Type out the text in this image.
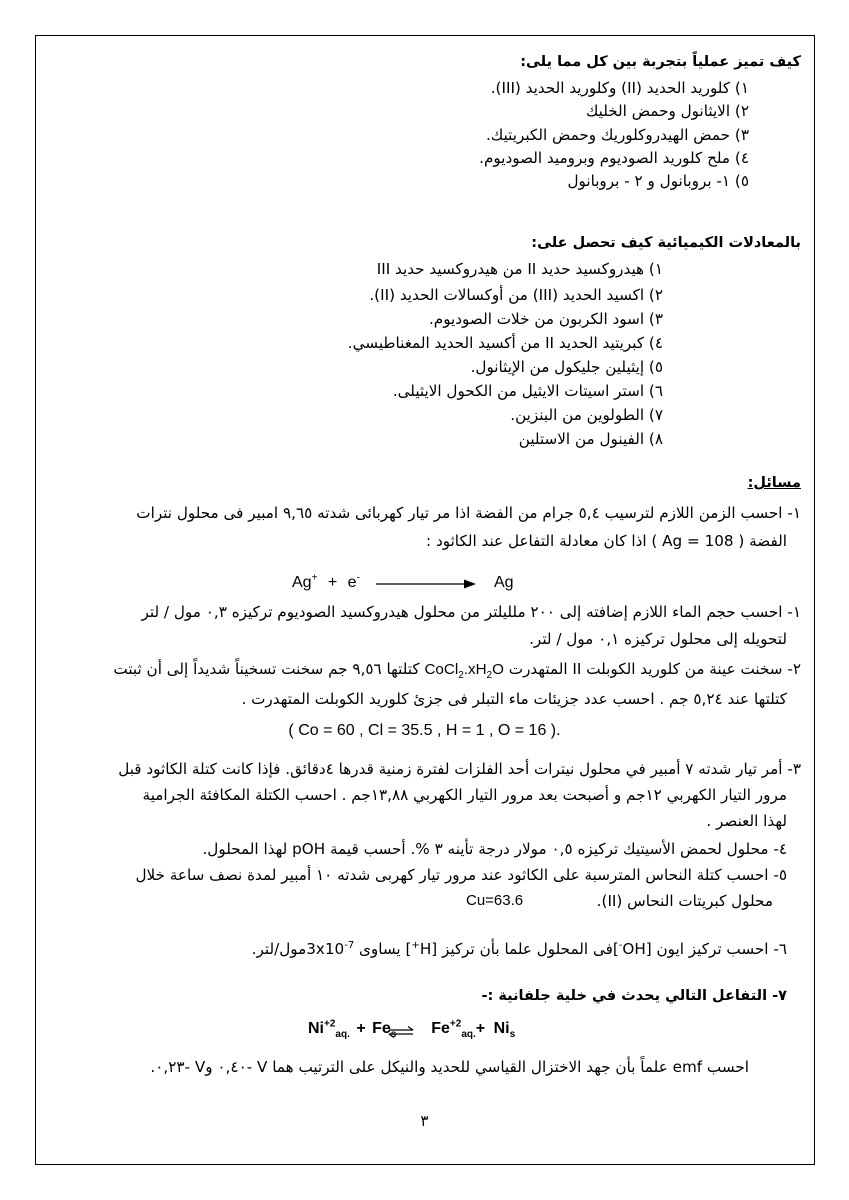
كيف تميز عملياً بتجربة بين كل مما يلى:
١) كلوريد الحديد (II) وكلوريد الحديد (III).
٢) الايثانول وحمض الخليك
٣) حمض الهيدروكلوريك وحمض الكبريتيك.
٤) ملح كلوريد الصوديوم وبروميد الصوديوم.
٥) ١- بروبانول و ٢ - بروبانول
بالمعادلات الكيميائية كيف تحصل على:
١) هيدروكسيد حديد II من هيدروكسيد حديد III
٢) اكسيد الحديد (III) من أوكسالات الحديد (II).
٣) اسود الكربون من خلات الصوديوم.
٤) كبريتيد الحديد II من أكسيد الحديد المغناطيسي.
٥) إيثيلين جليكول من الإيثانول.
٦) استر اسيتات الايثيل من الكحول الايثيلى.
٧) الطولوين من البنزين.
٨) الفينول من الاستلين
مسائل:
١- احسب الزمن اللازم لترسيب ٥,٤ جرام من الفضة اذا مر تيار كهربائى شدته ٩,٦٥ امبير فى محلول نترات
الفضة ( Ag = 108 ) اذا كان معادلة التفاعل عند الكاثود :
Ag+ + e-	Ag
١- احسب حجم الماء اللازم إضافته إلى ٢٠٠ ملليلتر من محلول هيدروكسيد الصوديوم تركيزه ٠,٣ مول / لتر
لتحويله إلى محلول تركيزه ٠,١ مول / لتر.
٢- سخنت عينة من كلوريد الكوبلت II المتهدرت $CoCl_2.xH_2O$ كتلتها ٩,٥٦ جم سخنت تسخيناً شديداً إلى أن ثبتت
كتلتها عند ٥,٢٤ جم . احسب عدد جزيئات ماء التبلر فى جزئ كلوريد الكوبلت المتهدرت .
( Co = 60 , Cl = 35.5 , H = 1 , O = 16 ).
٣- أمر تيار شدته ٧ أمبير في محلول نيترات أحد الفلزات لفترة زمنية قدرها ٤دقائق. فإذا كانت كتلة الكاثود قبل
مرور التيار الكهربي ١٢جم و أصبحت بعد مرور التيار الكهربي ١٣,٨٨جم . احسب الكتلة المكافئة الجرامية
لهذا العنصر .
٤- محلول لحمض الأسيتيك تركيزه ٠,٥ مولار درجة تأينه ٣ %. أحسب قيمة pOH لهذا المحلول.
٥- احسب كتلة النحاس المترسبة على الكاثود عند مرور تيار كهربى شدته ١٠ أمبير لمدة نصف ساعة خلال
محلول كبريتات النحاس (II).
Cu=63.6
٦- احسب تركيز ايون [OH-]فى المحلول علما بأن تركيز [H+] يساوى $3x10^{-7}مول$/لتر.
٧- التفاعل التالي يحدث في خلية جلفانية :-
$Ni^{+2}_{aq.} + Fe_s$ $Fe^{+2}_{aq.}+ Ni_s$
احسب emf علماً بأن جهد الاختزال القياسي للحديد والنيكل على الترتيب هما V -٠,٤٠ وV -٠,٢٣.
٣
